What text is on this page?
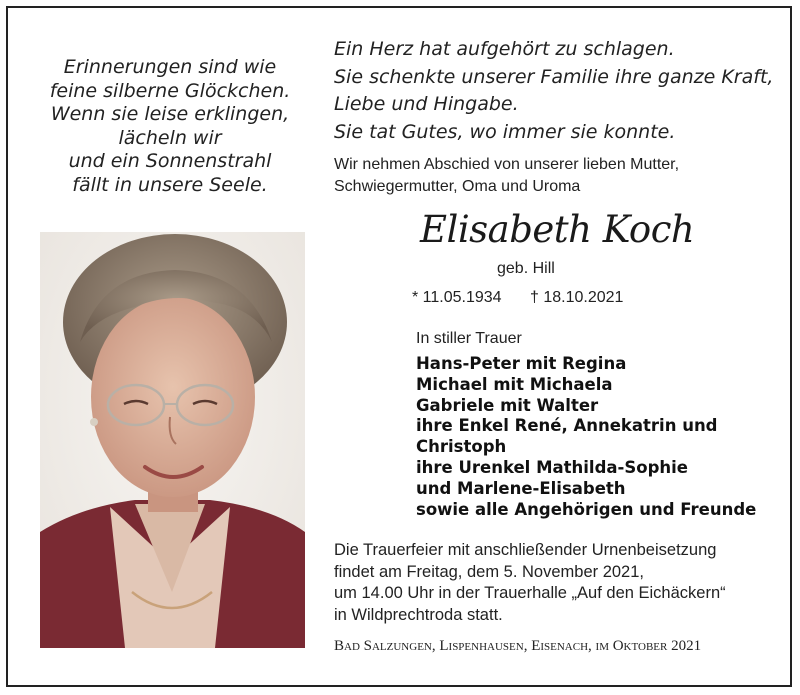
Erinnerungen sind wie
feine silberne Glöckchen.
Wenn sie leise erklingen,
lächeln wir
und ein Sonnenstrahl
fällt in unsere Seele.
Ein Herz hat aufgehört zu schlagen.
Sie schenkte unserer Familie ihre ganze Kraft,
Liebe und Hingabe.
Sie tat Gutes, wo immer sie konnte.
Wir nehmen Abschied von unserer lieben Mutter,
Schwiegermutter, Oma und Uroma
Elisabeth Koch
geb. Hill
* 11.05.1934 † 18.10.2021
In stiller Trauer
Hans-Peter mit Regina
Michael mit Michaela
Gabriele mit Walter
ihre Enkel René, Annekatrin und
Christoph
ihre Urenkel Mathilda-Sophie
und Marlene-Elisabeth
sowie alle Angehörigen und Freunde
Die Trauerfeier mit anschließender Urnenbeisetzung
findet am Freitag, dem 5. November 2021,
um 14.00 Uhr in der Trauerhalle „Auf den Eichäckern“
in Wildprechtroda statt.
Bad Salzungen, Lispenhausen, Eisenach, im Oktober 2021
